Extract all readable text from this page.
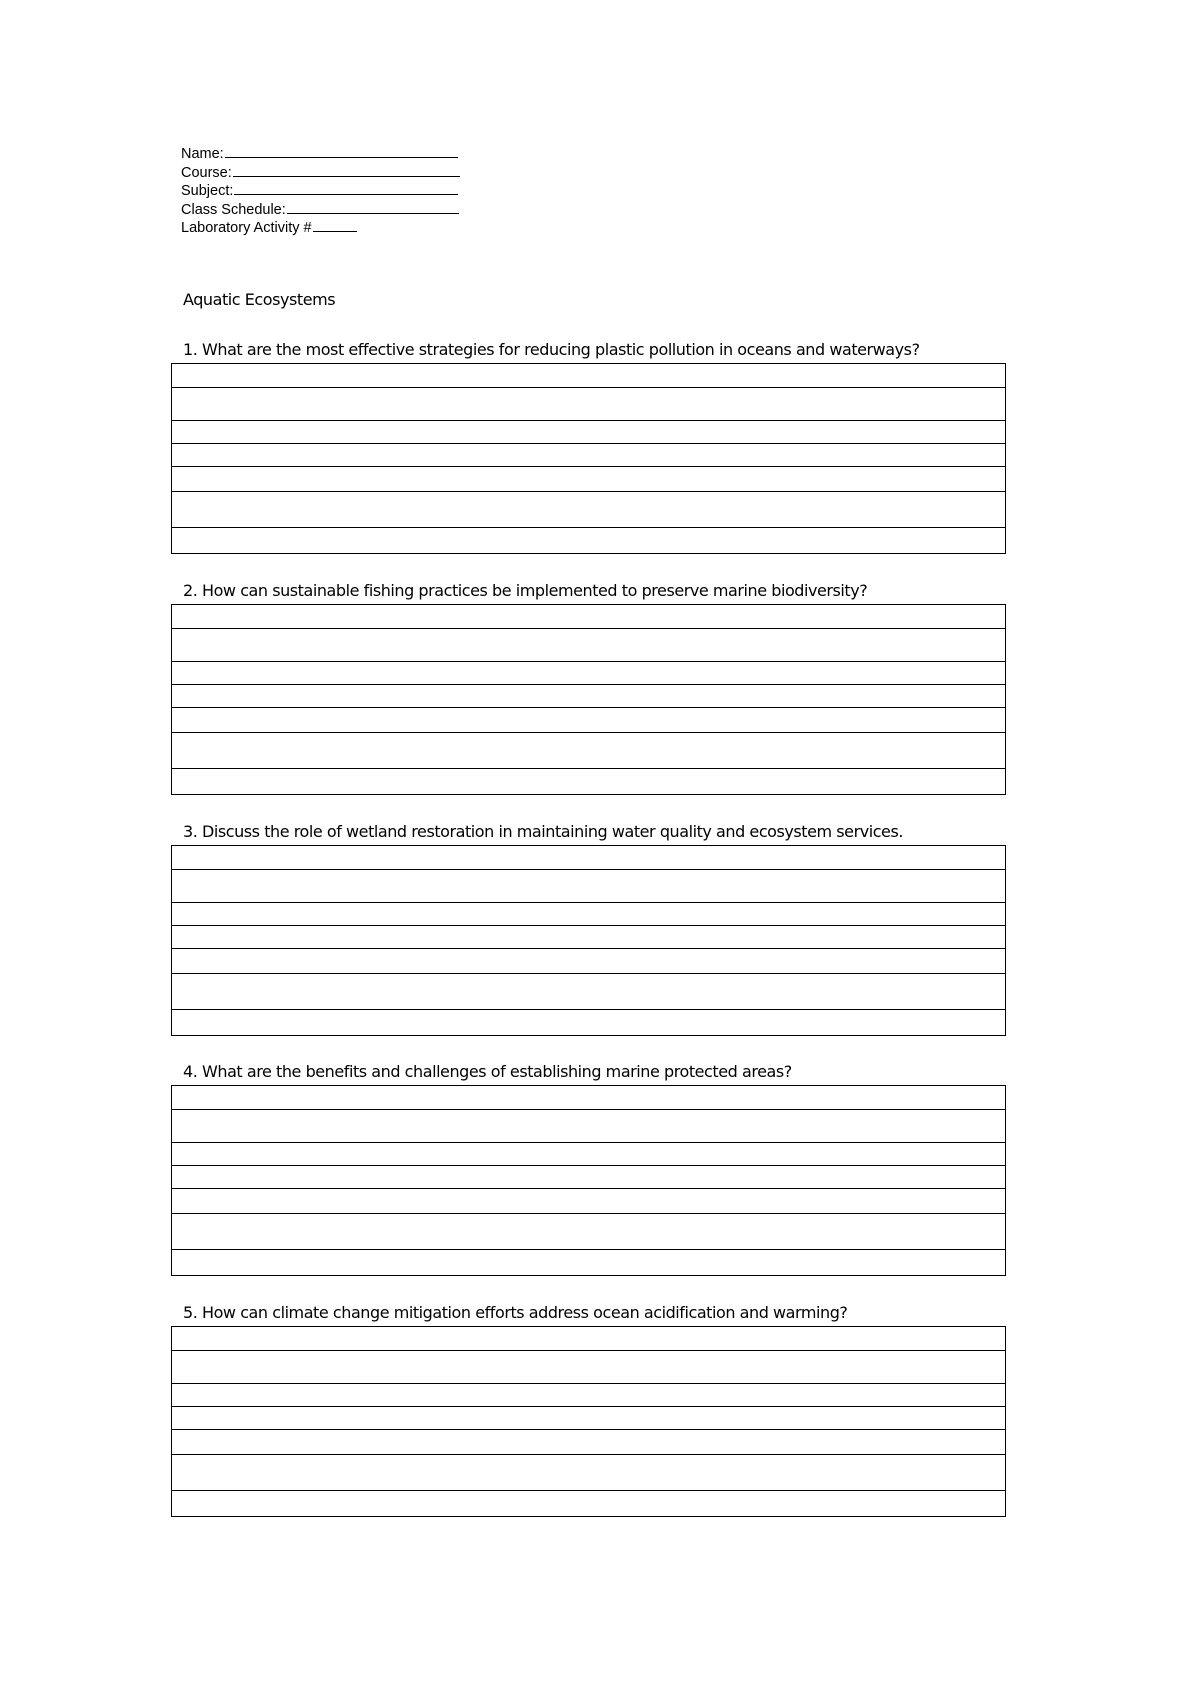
Name:
Course:
Subject:
Class Schedule:
Laboratory Activity #
Aquatic Ecosystems
1. What are the most effective strategies for reducing plastic pollution in oceans and waterways?
2. How can sustainable fishing practices be implemented to preserve marine biodiversity?
3. Discuss the role of wetland restoration in maintaining water quality and ecosystem services.
4. What are the benefits and challenges of establishing marine protected areas?
5. How can climate change mitigation efforts address ocean acidification and warming?
